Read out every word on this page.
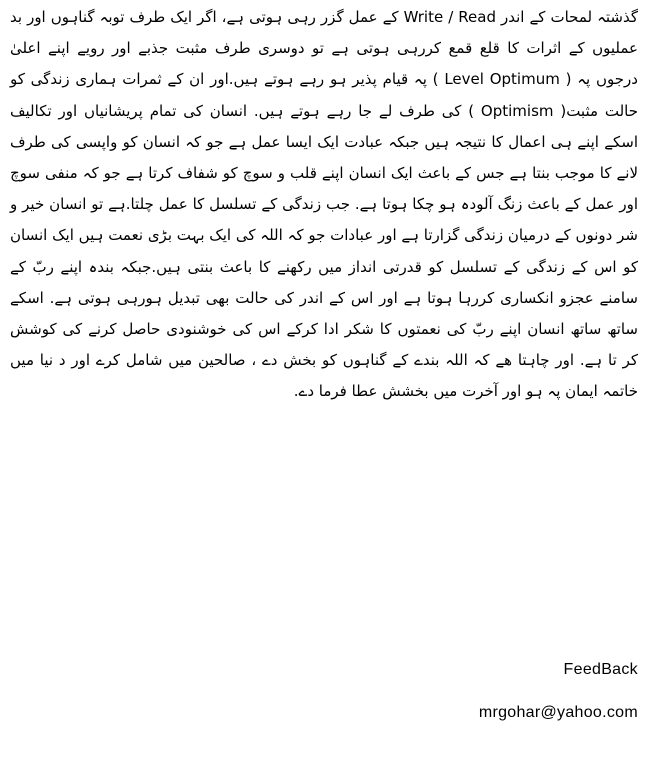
گذشتہ لمحات کے اندر Write / Read کے عمل گزر رہی ہوتی ہے، اگر ایک طرف توبہ گناہوں اور بد عملیوں کے اثرات کا قلع قمع کررہی ہوتی ہے تو دوسری طرف مثبت جذبے اور رویے اپنے اعلیٰ درجوں پہ ( Level Optimum ) پہ قیام پذیر ہو رہے ہوتے ہیں.اور ان کے ثمرات ہماری زندگی کو حالت مثبت( Optimism ) کی طرف لے جا رہے ہوتے ہیں. انسان کی تمام پریشانیاں اور تکالیف اسکے اپنے ہی اعمال کا نتیجہ ہیں جبکہ عبادت ایک ایسا عمل ہے جو کہ انسان کو واپسی کی طرف لانے کا موجب بنتا ہے جس کے باعث ایک انسان اپنے قلب و سوچ کو شفاف کرتا ہے جو کہ منفی سوچ اور عمل کے باعث زنگ آلودہ ہو چکا ہوتا ہے. جب زندگی کے تسلسل کا عمل چلتا.ہے تو انسان خیر و شر دونوں کے درمیان زندگی گزارتا ہے اور عبادات جو کہ اللہ کی ایک بہت بڑی نعمت ہیں ایک انسان کو اس کے زندگی کے تسلسل کو قدرتی انداز میں رکھنے کا باعث بنتی ہیں.جبکہ بندہ اپنے ربّ کے سامنے عجزو انکساری کررہا ہوتا ہے اور اس کے اندر کی حالت بھی تبدیل ہورہی ہوتی ہے. اسکے ساتھ ساتھ انسان اپنے ربّ کی نعمتوں کا شکر ادا کرکے اس کی خوشنودی حاصل کرنے کی کوشش کر تا ہے. اور چاہتا ھے کہ اللہ بندے کے گناہوں کو بخش دے ، صالحین میں شامل کرے اور د نیا میں خاتمہ ایمان پہ ہو اور آخرت میں بخشش عطا فرما دے.

FeedBack
mrgohar@yahoo.com
